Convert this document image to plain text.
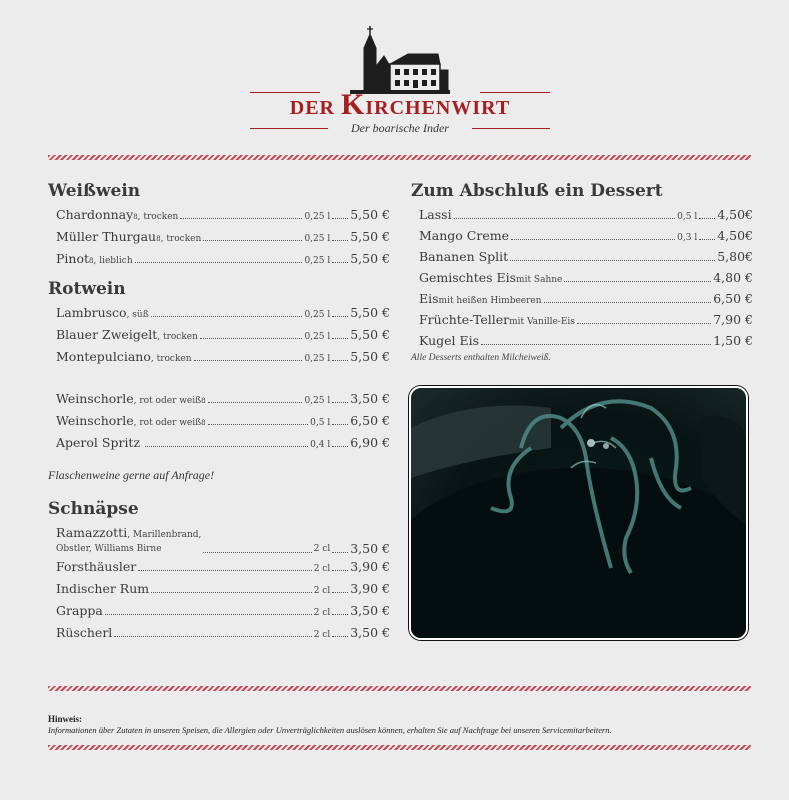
DER KIRCHENWIRT
Der boarische Inder
Weißwein
Chardonnay 8 , trocken	0,25 l 5,50 €
Müller Thurgau 8 , trocken	0,25 l 5,50 €
Pinot 8 , lieblich	0,25 l 5,50 €
Rotwein
Lambrusco , süß	0,25 l 5,50 €
Blauer Zweigelt , trocken	0,25 l 5,50 €
Montepulciano , trocken	0,25 l 5,50 €
Weinschorle , rot oder weiß 8	0,25 l 3,50 €
Weinschorle , rot oder weiß 8	0,5 l 6,50 €
Aperol Spritz	0,4 l 6,90 €
Flaschenweine gerne auf Anfrage!
Schnäpse
Ramazzotti, Marillenbrand,
Obstler, Williams Birne	2 cl 3,50 €
Forsthäusler	2 cl 3,90 €
Indischer Rum	2 cl 3,90 €
Grappa	2 cl 3,50 €
Rüscherl	2 cl 3,50 €
Zum Abschluß ein Dessert
Lassi	0,5 l 4,50€
Mango Creme	0,3 l 4,50€
Bananen Split	5,80€
Gemischtes Eis mit Sahne	4,80 €
Eis mit heißen Himbeeren	6,50 €
Früchte-Teller mit Vanille-Eis	7,90 €
Kugel Eis	1,50 €
Alle Desserts enthalten Milcheiweiß.
Hinweis:
Informationen über Zutaten in unseren Speisen, die Allergien oder Unverträglichkeiten auslösen können, erhalten Sie auf Nachfrage bei unseren Servicemitarbeitern.
